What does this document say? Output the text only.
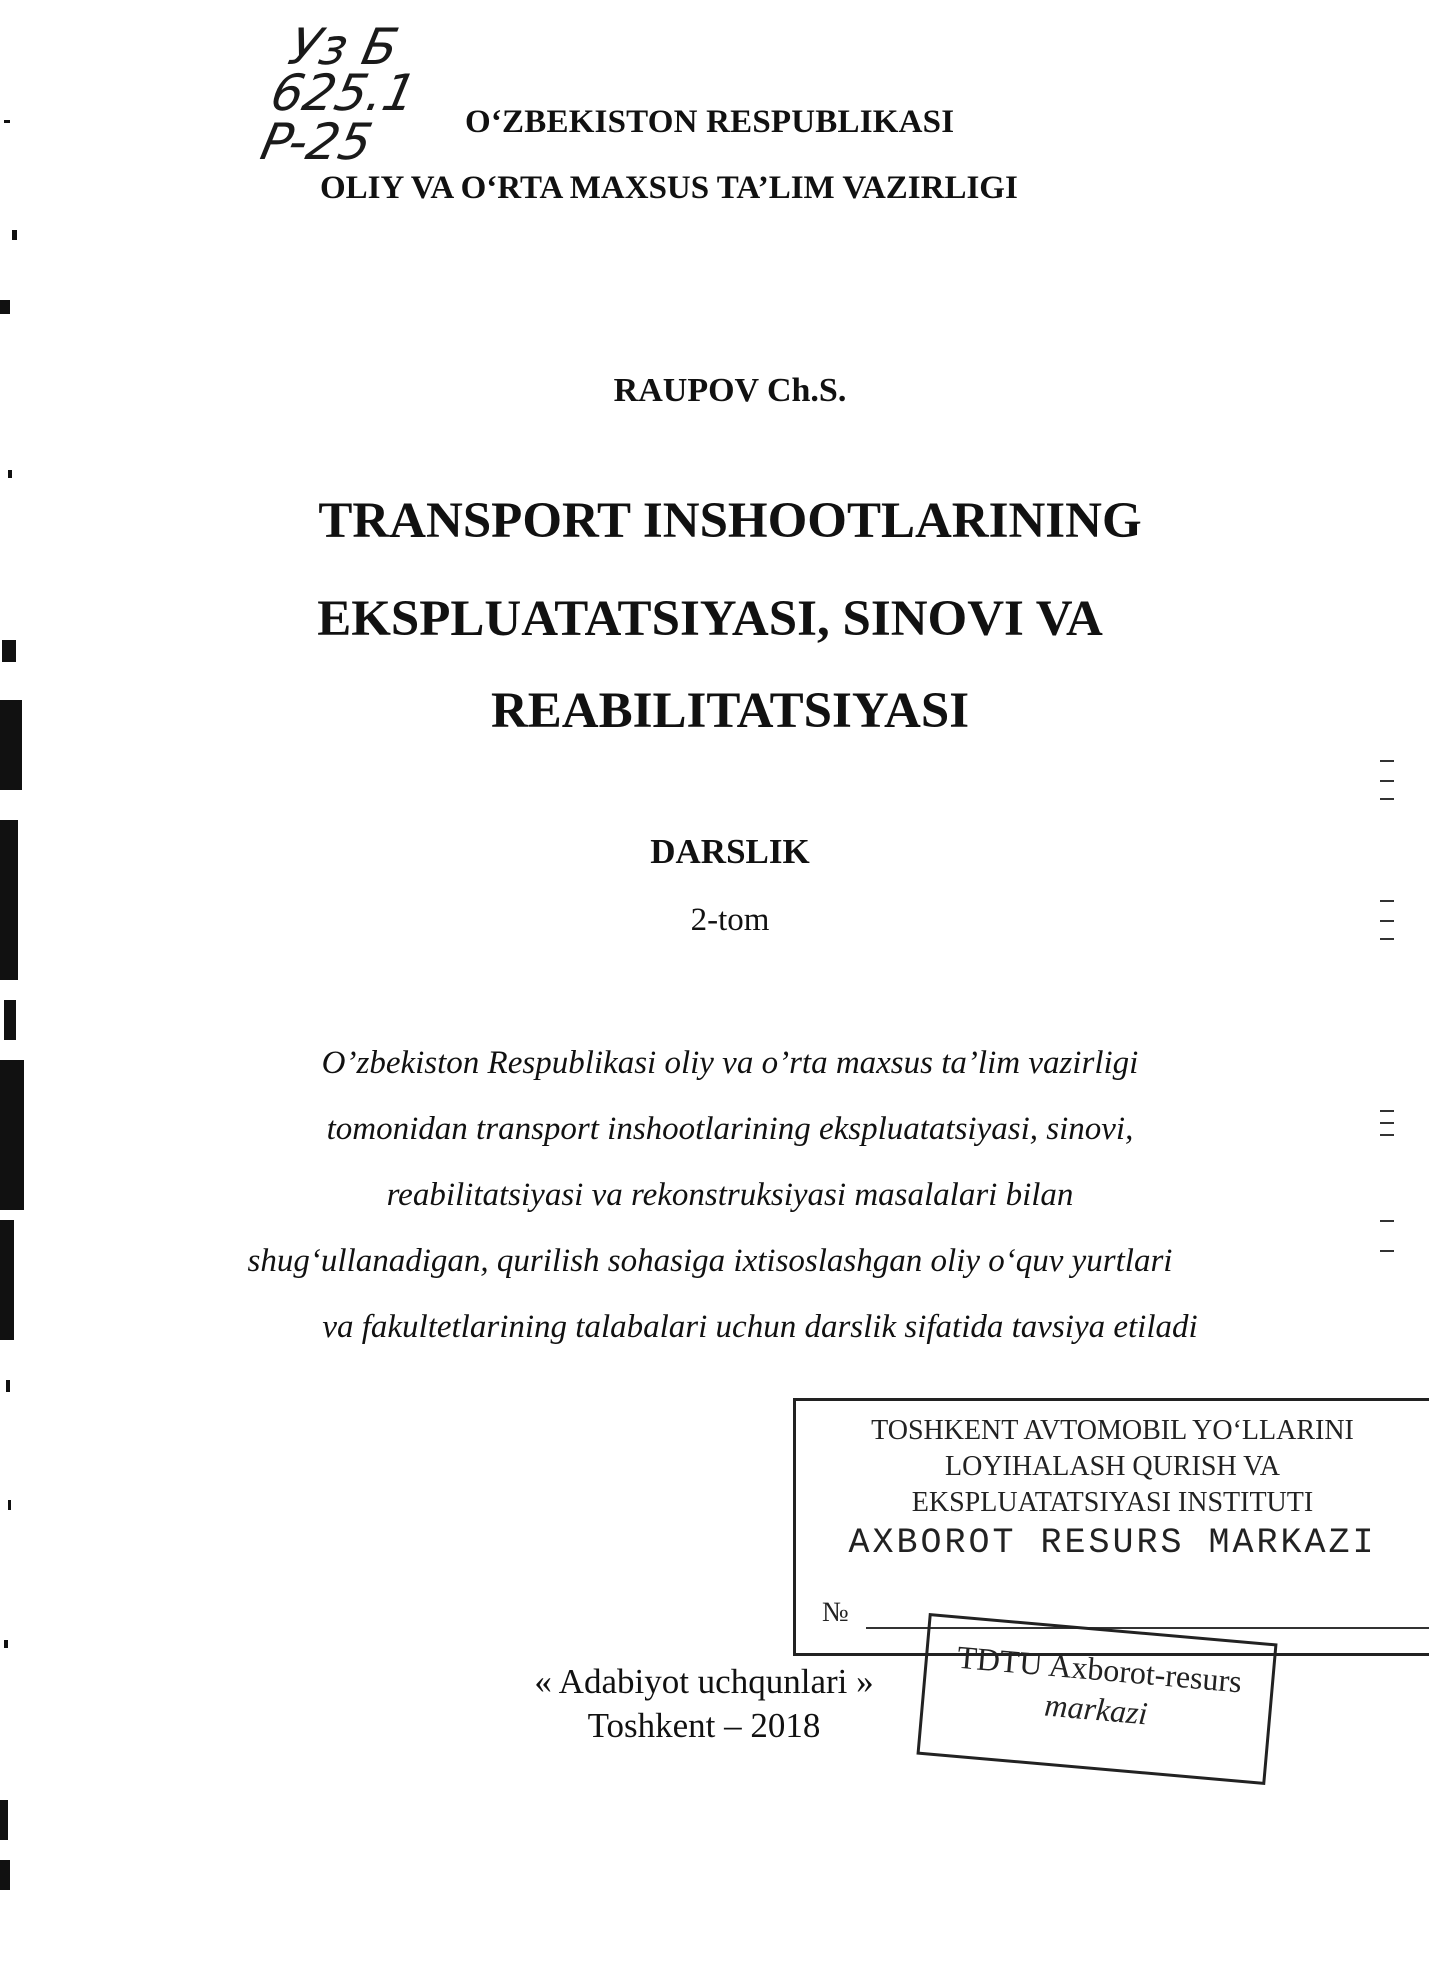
Уз Б
625.1
P-25	O‘ZBEKISTON RESPUBLIKASI
OLIY VA O‘RTA MAXSUS TA’LIM VAZIRLIGI
RAUPOV Ch.S.
TRANSPORT INSHOOTLARINING
EKSPLUATATSIYASI, SINOVI VA
REABILITATSIYASI
DARSLIK
2-tom
O’zbekiston Respublikasi oliy va o’rta maxsus ta’lim vazirligi
tomonidan transport inshootlarining ekspluatatsiyasi, sinovi,
reabilitatsiyasi va rekonstruksiyasi masalalari bilan
shug‘ullanadigan, qurilish sohasiga ixtisoslashgan oliy o‘quv yurtlari
va fakultetlarining talabalari uchun darslik sifatida tavsiya etiladi
TOSHKENT AVTOMOBIL YO‘LLARINI
LOYIHALASH QURISH VA
EKSPLUATATSIYASI INSTITUTI
AXBOROT RESURS MARKAZI
№
TDTU Axborot-resurs
markazi
« Adabiyot uchqunlari »
Toshkent – 2018
